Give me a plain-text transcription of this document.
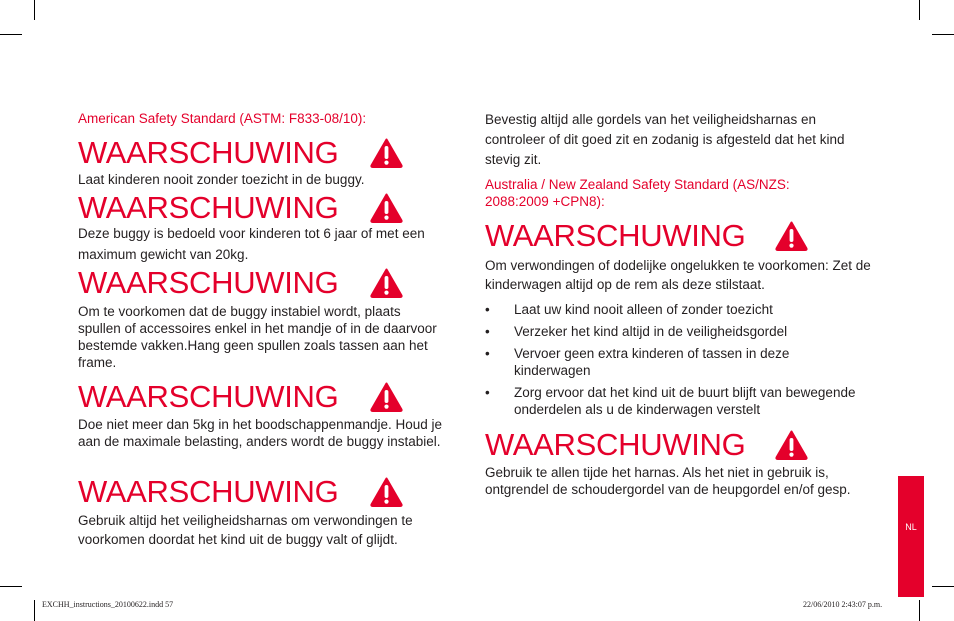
American Safety Standard (ASTM: F833-08/10):

WAARSCHUWING

Laat kinderen nooit zonder toezicht in de buggy.

WAARSCHUWING

Deze buggy is bedoeld voor kinderen tot 6 jaar of met een maximum gewicht van 20kg.

WAARSCHUWING

Om te voorkomen dat de buggy instabiel wordt, plaats spullen of accessoires enkel in het mandje of in de daarvoor bestemde vakken.Hang geen spullen zoals tassen aan het frame.

WAARSCHUWING

Doe niet meer dan 5kg in het boodschappenmandje. Houd je aan de maximale belasting, anders wordt de buggy instabiel.

WAARSCHUWING

Gebruik altijd het veiligheidsharnas om verwondingen te voorkomen doordat het kind uit de buggy valt of glijdt.

Bevestig altijd alle gordels van het veiligheidsharnas en controleer of dit goed zit en zodanig is afgesteld dat het kind stevig zit.

Australia / New Zealand Safety Standard (AS/NZS: 2088:2009 +CPN8):

WAARSCHUWING

Om verwondingen of dodelijke ongelukken te voorkomen: Zet de kinderwagen altijd op de rem als deze stilstaat.

• Laat uw kind nooit alleen of zonder toezicht
• Verzeker het kind altijd in de veiligheidsgordel
• Vervoer geen extra kinderen of tassen in deze kinderwagen
• Zorg ervoor dat het kind uit de buurt blijft van bewegende onderdelen als u de kinderwagen verstelt
WAARSCHUWING

Gebruik te allen tijde het harnas. Als het niet in gebruik is, ontgrendel de schoudergordel van de heupgordel en/of gesp.

NL
EXCHH_instructions_20100622.indd 57	22/06/2010 2:43:07 p.m.
